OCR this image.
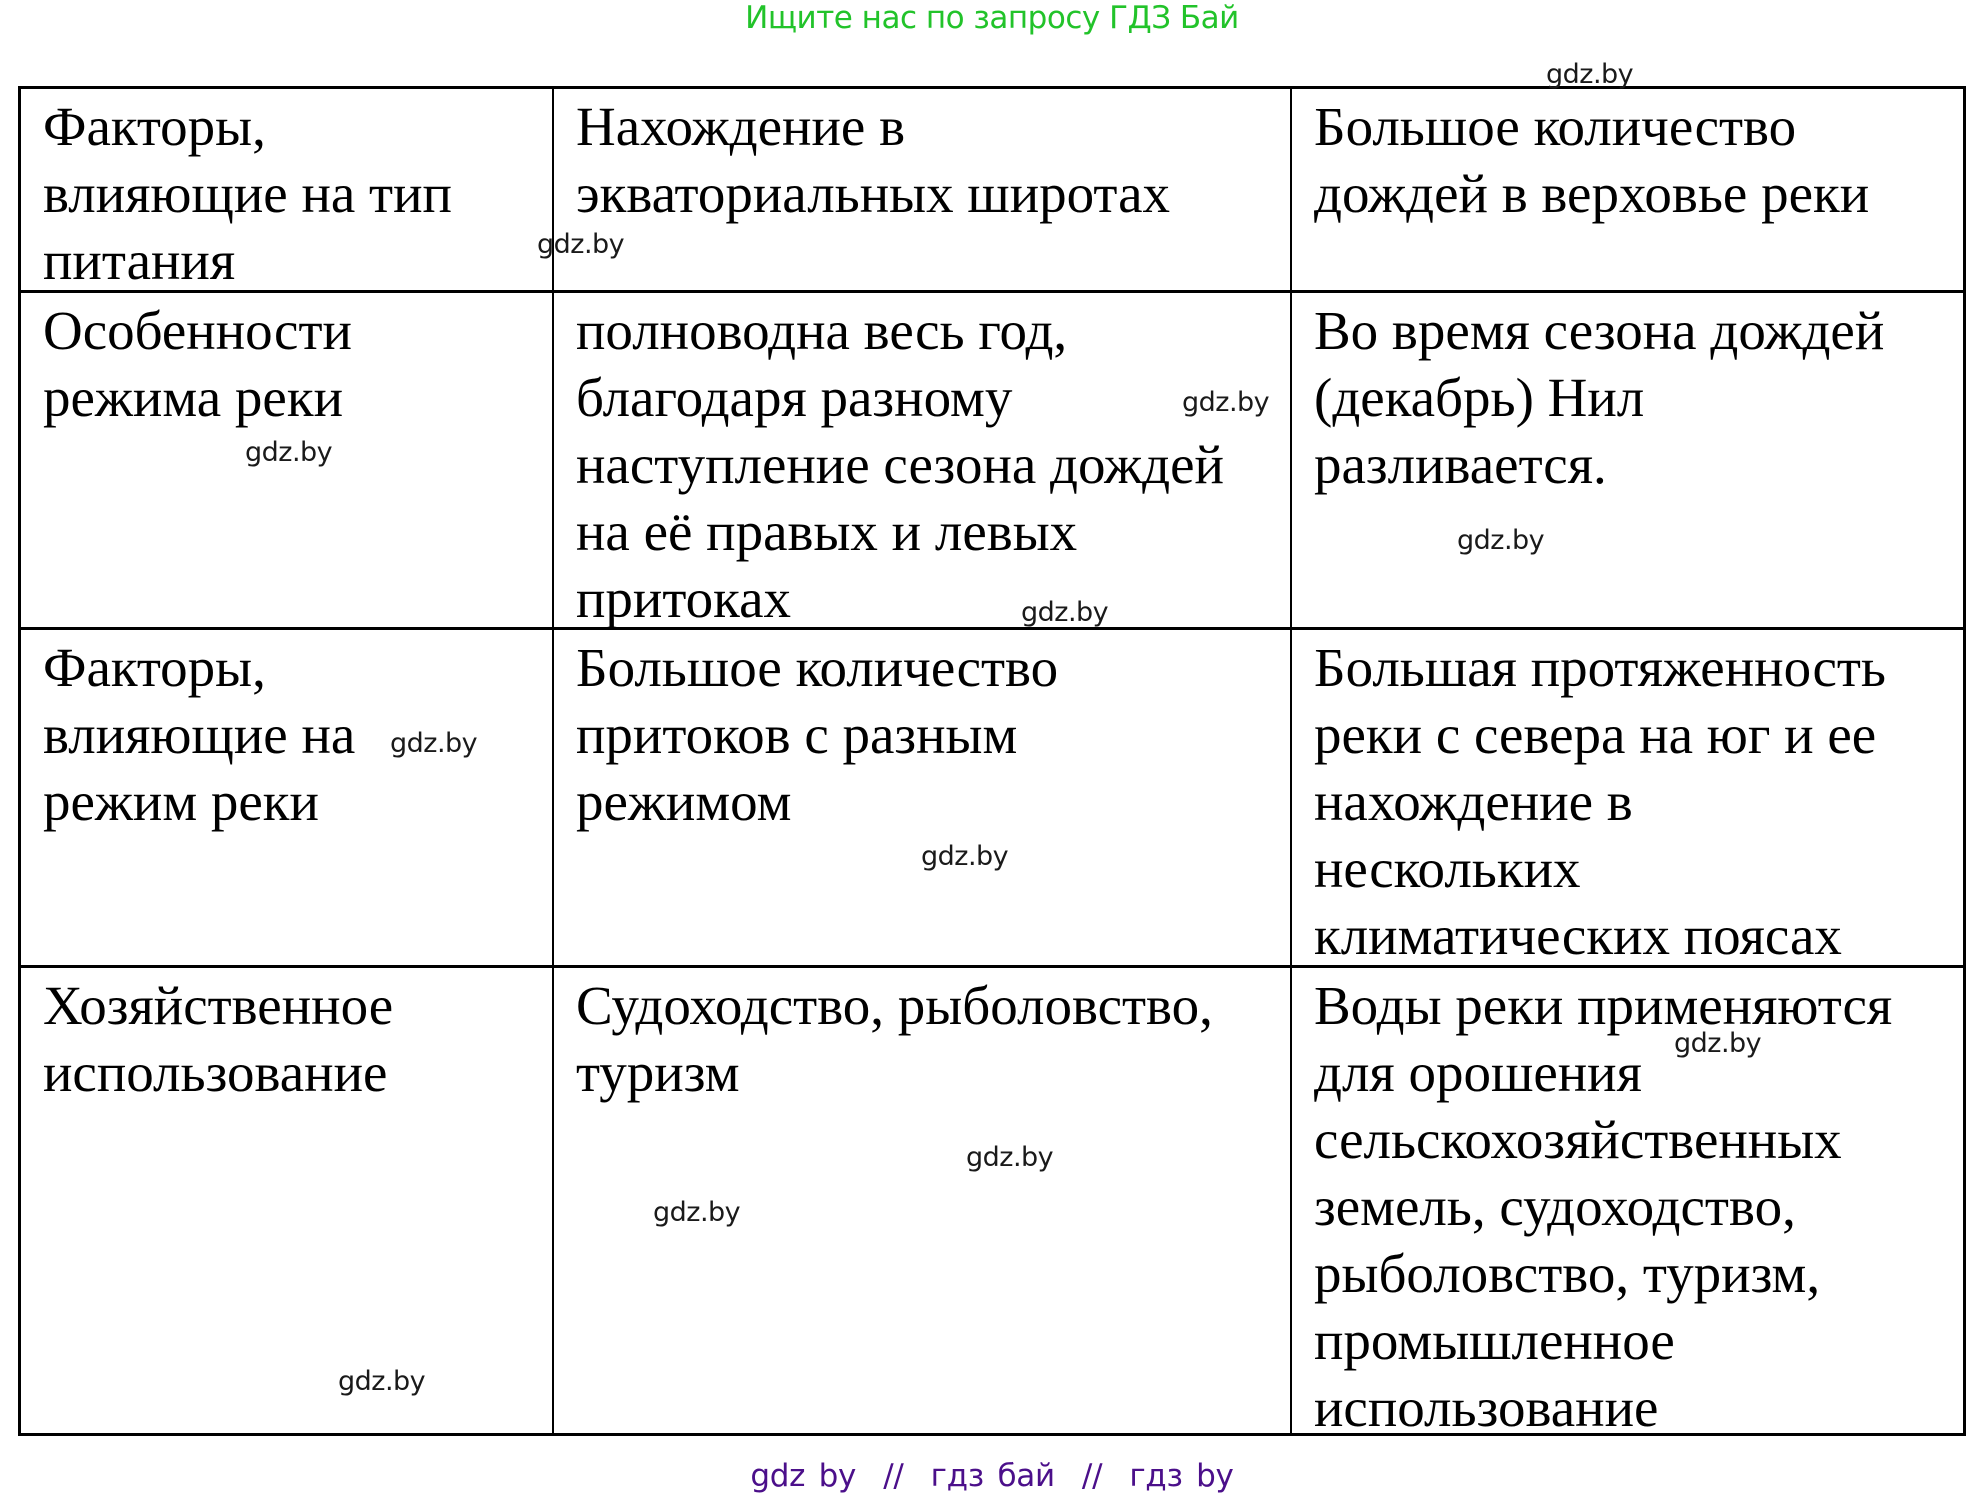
Ищите нас по запросу ГДЗ Бай
Факторы,
влияющие на тип
питания
Нахождение в
экваториальных широтах
Большое количество
дождей в верховье реки
Особенности
режима реки
полноводна весь год,
благодаря разному
наступление сезона дождей
на её правых и левых
притоках
Во время сезона дождей
(декабрь) Нил
разливается.
Факторы,
влияющие на
режим реки
Большое количество
притоков с разным
режимом
Большая протяженность
реки с севера на юг и ее
нахождение в
нескольких
климатических поясах
Хозяйственное
использование
Судоходство, рыболовство,
туризм
Воды реки применяются
для орошения
сельскохозяйственных
земель, судоходство,
рыболовство, туризм,
промышленное
использование
gdz.by
gdz.by
gdz.by
gdz.by
gdz.by
gdz.by
gdz.by
gdz.by
gdz.by
gdz.by
gdz.by
gdz.by
gdz by  //  гдз бай  //  гдз by
